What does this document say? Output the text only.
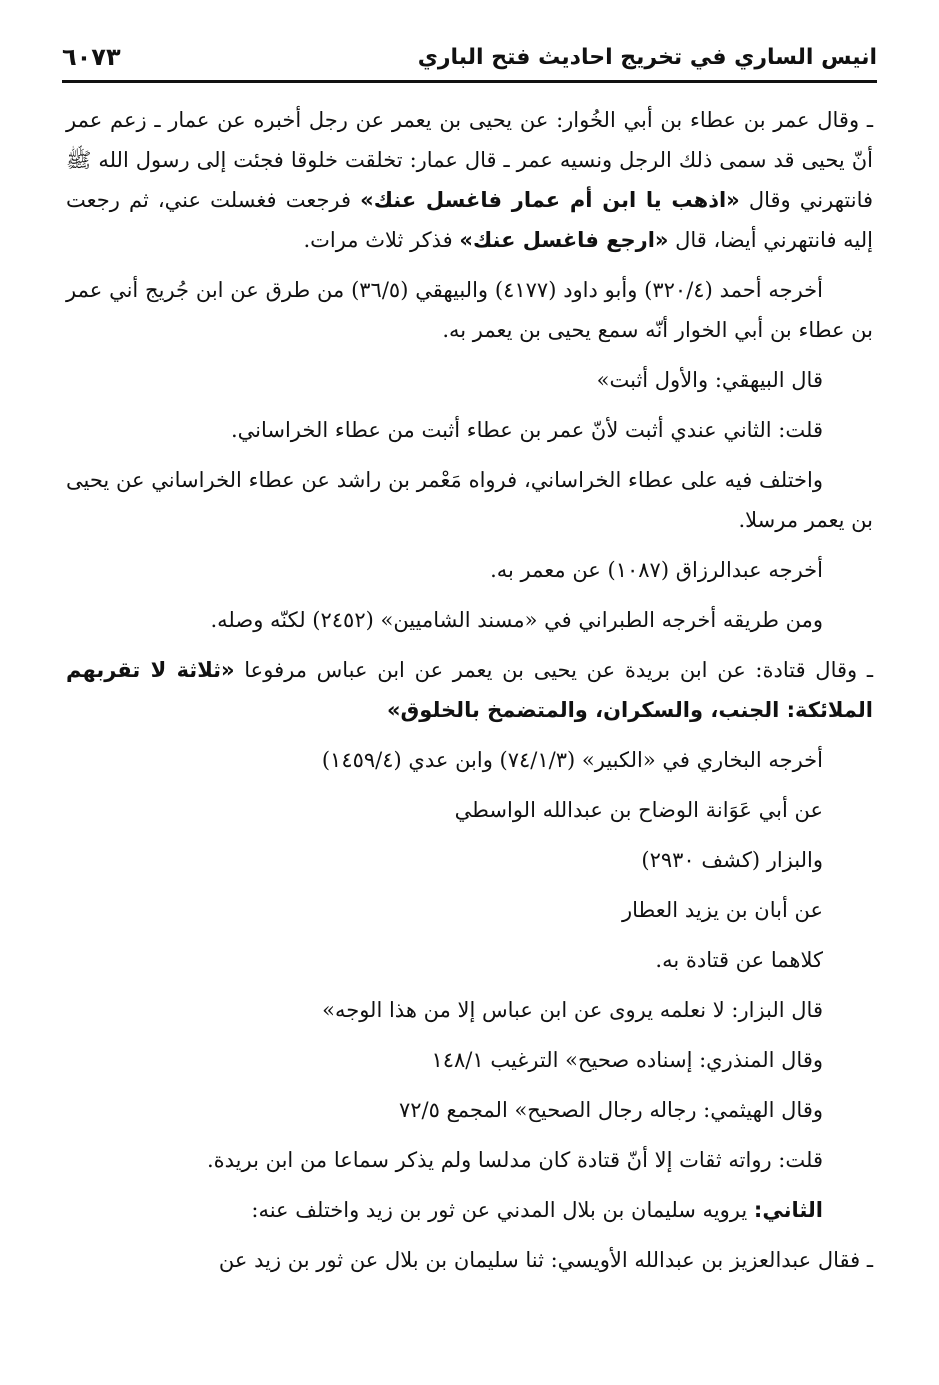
انيس الساري في تخريج احاديث فتح الباري
٦٠٧٣

ـ وقال عمر بن عطاء بن أبي الخُوار: عن يحيى بن يعمر عن رجل أخبره عن عمار ـ زعم عمر أنّ يحيى قد سمى ذلك الرجل ونسيه عمر ـ قال عمار: تخلقت خلوقا فجئت إلى رسول الله ﷺ فانتهرني وقال «اذهب يا ابن أم عمار فاغسل عنك» فرجعت فغسلت عني، ثم رجعت إليه فانتهرني أيضا، قال «ارجع فاغسل عنك» فذكر ثلاث مرات.

أخرجه أحمد (٣٢٠/٤) وأبو داود (٤١٧٧) والبيهقي (٣٦/٥) من طرق عن ابن جُريج أني عمر بن عطاء بن أبي الخوار أنّه سمع يحيى بن يعمر به.

قال البيهقي: والأول أثبت»

قلت: الثاني عندي أثبت لأنّ عمر بن عطاء أثبت من عطاء الخراساني.

واختلف فيه على عطاء الخراساني، فرواه مَعْمر بن راشد عن عطاء الخراساني عن يحيى بن يعمر مرسلا.

أخرجه عبدالرزاق (١٠٨٧) عن معمر به.

ومن طريقه أخرجه الطبراني في «مسند الشاميين» (٢٤٥٢) لكنّه وصله.

ـ وقال قتادة: عن ابن بريدة عن يحيى بن يعمر عن ابن عباس مرفوعا «ثلاثة لا تقربهم الملائكة: الجنب، والسكران، والمتضمخ بالخلوق»

أخرجه البخاري في «الكبير» (٧٤/١/٣) وابن عدي (١٤٥٩/٤)

عن أبي عَوَانة الوضاح بن عبدالله الواسطي

والبزار (كشف ٢٩٣٠)

عن أبان بن يزيد العطار

كلاهما عن قتادة به.

قال البزار: لا نعلمه يروى عن ابن عباس إلا من هذا الوجه»

وقال المنذري: إسناده صحيح» الترغيب ١٤٨/١

وقال الهيثمي: رجاله رجال الصحيح» المجمع ٧٢/٥

قلت: رواته ثقات إلا أنّ قتادة كان مدلسا ولم يذكر سماعا من ابن بريدة.

الثاني: يرويه سليمان بن بلال المدني عن ثور بن زيد واختلف عنه:

ـ فقال عبدالعزيز بن عبدالله الأويسي: ثنا سليمان بن بلال عن ثور بن زيد عن
